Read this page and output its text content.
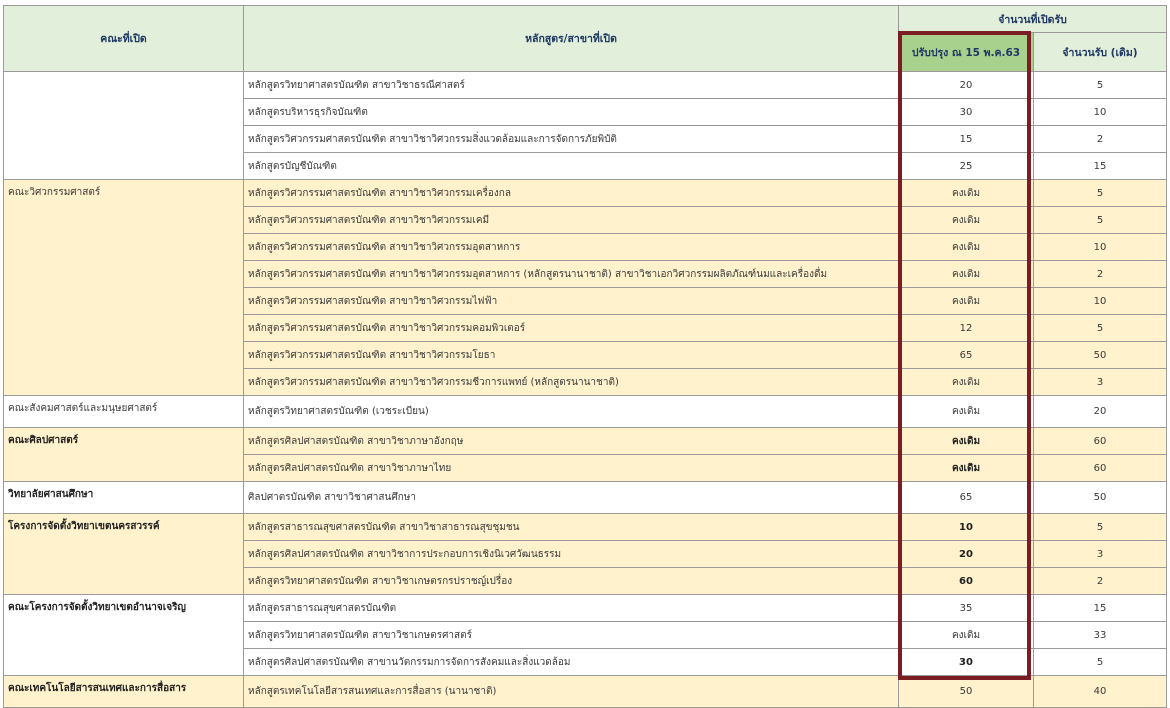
คณะที่เปิด	หลักสูตร/สาขาที่เปิด	จำนวนที่เปิดรับ	
		ปรับปรุง ณ 15 พ.ค.63	จำนวนรับ (เดิม)
	หลักสูตรวิทยาศาสตรบัณฑิต สาขาวิชาธรณีศาสตร์	20	5
	หลักสูตรบริหารธุรกิจบัณฑิต	30	10
	หลักสูตรวิศวกรรมศาสตรบัณฑิต สาขาวิชาวิศวกรรมสิ่งแวดล้อมและการจัดการภัยพิบัติ	15	2
	หลักสูตรบัญชีบัณฑิต	25	15
คณะวิศวกรรมศาสตร์	หลักสูตรวิศวกรรมศาสตรบัณฑิต สาขาวิชาวิศวกรรมเครื่องกล	คงเดิม	5
	หลักสูตรวิศวกรรมศาสตรบัณฑิต สาขาวิชาวิศวกรรมเคมี	คงเดิม	5
	หลักสูตรวิศวกรรมศาสตรบัณฑิต สาขาวิชาวิศวกรรมอุตสาหการ	คงเดิม	10
	หลักสูตรวิศวกรรมศาสตรบัณฑิต สาขาวิชาวิศวกรรมอุตสาหการ (หลักสูตรนานาชาติ) สาขาวิชาเอกวิศวกรรมผลิตภัณฑ์นมและเครื่องดื่ม	คงเดิม	2
	หลักสูตรวิศวกรรมศาสตรบัณฑิต สาขาวิชาวิศวกรรมไฟฟ้า	คงเดิม	10
	หลักสูตรวิศวกรรมศาสตรบัณฑิต สาขาวิชาวิศวกรรมคอมพิวเตอร์	12	5
	หลักสูตรวิศวกรรมศาสตรบัณฑิต สาขาวิชาวิศวกรรมโยธา	65	50
	หลักสูตรวิศวกรรมศาสตรบัณฑิต สาขาวิชาวิศวกรรมชีวการแพทย์ (หลักสูตรนานาชาติ)	คงเดิม	3
คณะสังคมศาสตร์และมนุษยศาสตร์	หลักสูตรวิทยาศาสตรบัณฑิต (เวชระเบียน)	คงเดิม	20
คณะศิลปศาสตร์	หลักสูตรศิลปศาสตรบัณฑิต สาขาวิชาภาษาอังกฤษ	คงเดิม	60
	หลักสูตรศิลปศาสตรบัณฑิต สาขาวิชาภาษาไทย	คงเดิม	60
วิทยาลัยศาสนศึกษา	ศิลปศาตรบัณฑิต สาขาวิชาศาสนศึกษา	65	50
โครงการจัดตั้งวิทยาเขตนครสวรรค์	หลักสูตรสาธารณสุขศาสตรบัณฑิต สาขาวิชาสาธารณสุขชุมชน	10	5
	หลักสูตรศิลปศาสตรบัณฑิต สาขาวิชาการประกอบการเชิงนิเวศวัฒนธรรม	20	3
	หลักสูตรวิทยาศาสตรบัณฑิต สาขาวิชาเกษตรกรปราชญ์เปรื่อง	60	2
คณะโครงการจัดตั้งวิทยาเขตอำนาจเจริญ	หลักสูตรสาธารณสุขศาสตรบัณฑิต	35	15
	หลักสูตรวิทยาศาสตรบัณฑิต สาขาวิชาเกษตรศาสตร์	คงเดิม	33
	หลักสูตรศิลปศาสตรบัณฑิต สาขานวัตกรรมการจัดการสังคมและสิ่งแวดล้อม	30	5
คณะเทคโนโลยีสารสนเทศและการสื่อสาร	หลักสูตรเทคโนโลยีสารสนเทศและการสื่อสาร (นานาชาติ)	50	40
